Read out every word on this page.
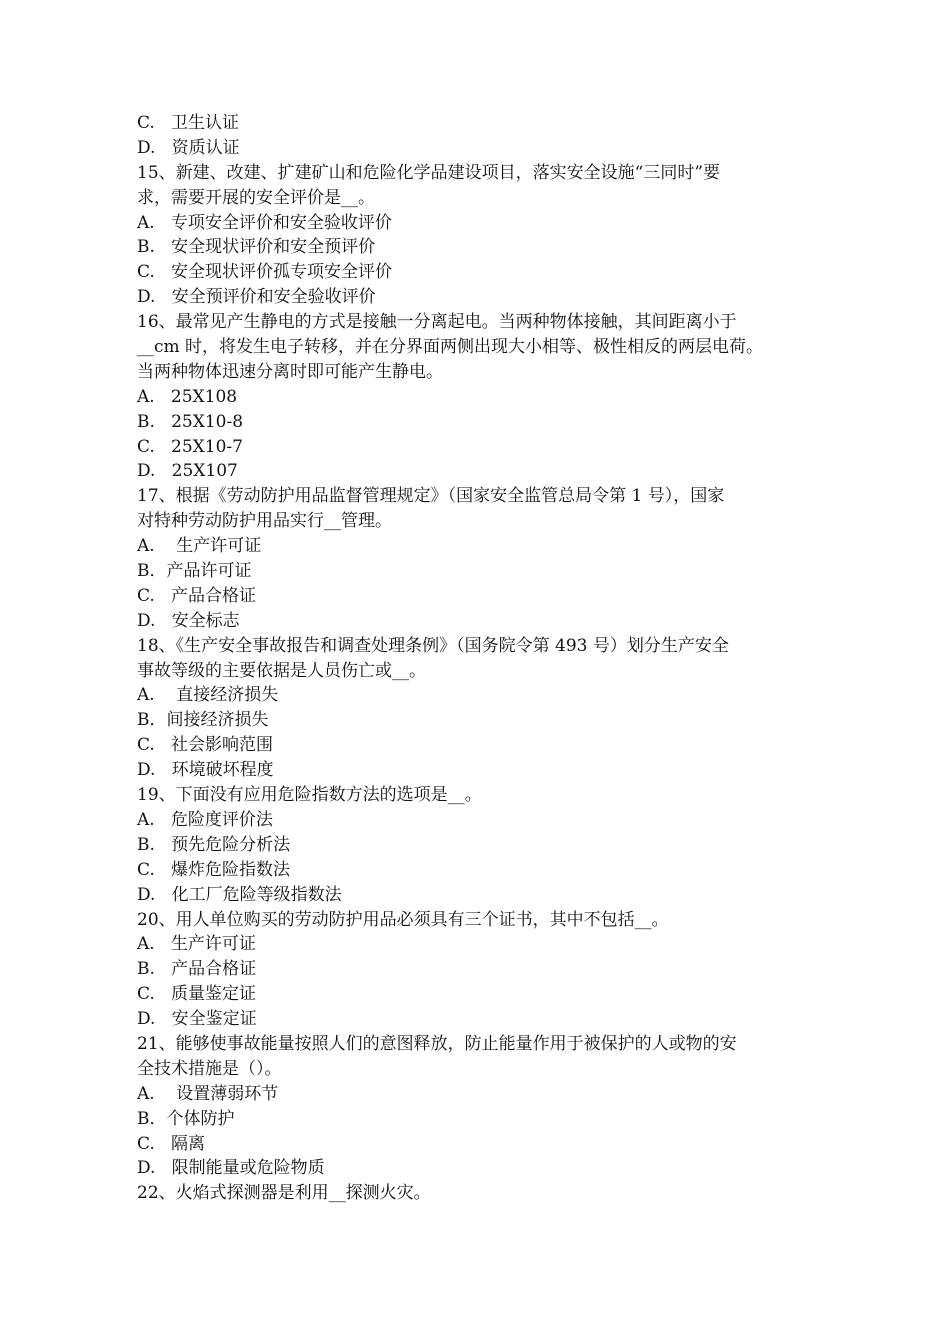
C.   卫生认证
D.   资质认证
15、新建、改建、扩建矿山和危险化学品建设项目，落实安全设施“三同时”要
求，需要开展的安全评价是__。
A.   专项安全评价和安全验收评价
B.   安全现状评价和安全预评价
C.   安全现状评价孤专项安全评价
D.   安全预评价和安全验收评价
16、最常见产生静电的方式是接触一分离起电。当两种物体接触，其间距离小于
__cm 时，将发生电子转移，并在分界面两侧出现大小相等、极性相反的两层电荷。
当两种物体迅速分离时即可能产生静电。
A.   25X108
B.   25X10-8
C.   25X10-7
D.   25X107
17、根据《劳动防护用品监督管理规定》（国家安全监管总局令第 1 号），国家
对特种劳动防护用品实行__管理。
A.    生产许可证
B．产品许可证
C.   产品合格证
D.   安全标志
18、《生产安全事故报告和调查处理条例》（国务院令第 493 号）划分生产安全
事故等级的主要依据是人员伤亡或__。
A.    直接经济损失
B．间接经济损失
C.   社会影响范围
D.   环境破坏程度
19、下面没有应用危险指数方法的选项是__。
A.   危险度评价法
B.   预先危险分析法
C.   爆炸危险指数法
D.   化工厂危险等级指数法
20、用人单位购买的劳动防护用品必须具有三个证书，其中不包括__。
A.   生产许可证
B.   产品合格证
C.   质量鉴定证
D.   安全鉴定证
21、能够使事故能量按照人们的意图释放，防止能量作用于被保护的人或物的安
全技术措施是（）。
A.    设置薄弱环节
B．个体防护
C.   隔离
D.   限制能量或危险物质
22、火焰式探测器是利用__探测火灾。
